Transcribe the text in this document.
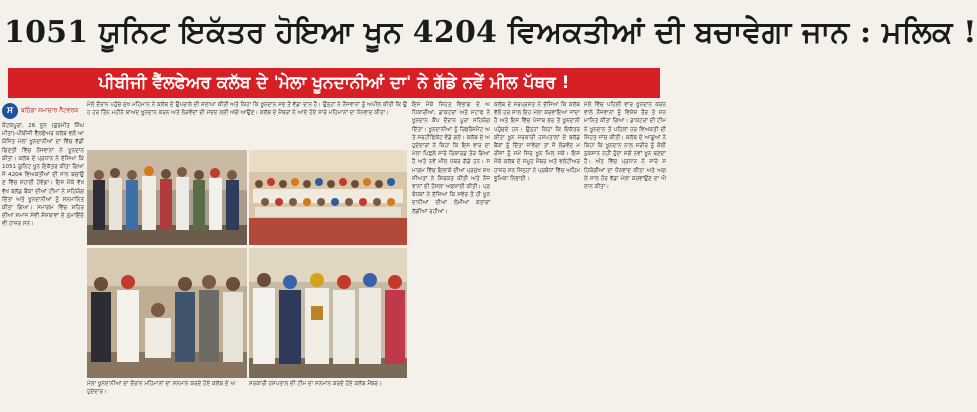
1051 ਯੂਨਿਟ ਇਕੱਤਰ ਹੋਇਆ ਖੂਨ 4204 ਵਿਅਕਤੀਆਂ ਦੀ ਬਚਾਵੇਗਾ ਜਾਨ : ਮਲਿਕ !
ਪੀਬੀਜੀ ਵੈੱਲਫੇਅਰ ਕਲੱਬ ਦੇ 'ਮੇਲਾ ਖੂਨਦਾਨੀਆਂ ਦਾ' ਨੇ ਗੱਡੇ ਨਵੇਂ ਮੀਲ ਪੱਥਰ !
ਸ	ਬਠਿੰਡਾ ਸਮਾਚਾਰ ਨੈੱਟਵਰਕ
ਕੋਟਕਪੂਰਾ, 26 ਜੂਨ (ਗੁਰਮੀਤ ਸਿੰਘ ਮੀਤਾ)-ਪੀਬੀਜੀ ਵੈੱਲਫੇਅਰ ਕਲੱਬ ਵਲੋਂ ਆਯੋਜਿਤ ਮੇਲਾ ਖੂਨਦਾਨੀਆਂ ਦਾ ਵਿੱਚ ਵੱਡੀ ਗਿਣਤੀ ਵਿੱਚ ਨੌਜਵਾਨਾਂ ਨੇ ਖੂਨਦਾਨ ਕੀਤਾ। ਕਲੱਬ ਦੇ ਪ੍ਰਧਾਨ ਨੇ ਦੱਸਿਆ ਕਿ 1051 ਯੂਨਿਟ ਖੂਨ ਇਕੱਤਰ ਕੀਤਾ ਗਿਆ ਜੋ 4204 ਵਿਅਕਤੀਆਂ ਦੀ ਜਾਨ ਬਚਾਉਣ ਵਿੱਚ ਸਹਾਈ ਹੋਵੇਗਾ। ਇਸ ਮੌਕੇ ਵੱਖ ਵੱਖ ਬਲੱਡ ਬੈਂਕਾਂ ਦੀਆਂ ਟੀਮਾਂ ਨੇ ਸਹਿਯੋਗ ਦਿੱਤਾ ਅਤੇ ਖੂਨਦਾਨੀਆਂ ਨੂੰ ਸਨਮਾਨਿਤ ਕੀਤਾ ਗਿਆ। ਸਮਾਗਮ ਵਿੱਚ ਸ਼ਹਿਰ ਦੀਆਂ ਸਮਾਜ ਸੇਵੀ ਸੰਸਥਾਵਾਂ ਦੇ ਨੁਮਾਇੰਦੇ ਵੀ ਹਾਜ਼ਰ ਸਨ।
ਮੇਲੇ ਦੌਰਾਨ ਪਹੁੰਚੇ ਮੁੱਖ ਮਹਿਮਾਨ ਨੇ ਕਲੱਬ ਦੇ ਉਪਰਾਲੇ ਦੀ ਸ਼ਲਾਘਾ ਕੀਤੀ ਅਤੇ ਕਿਹਾ ਕਿ ਖੂਨਦਾਨ ਸਭ ਤੋਂ ਵੱਡਾ ਦਾਨ ਹੈ। ਉਨ੍ਹਾਂ ਨੇ ਨੌਜਵਾਨਾਂ ਨੂੰ ਅਪੀਲ ਕੀਤੀ ਕਿ ਉਹ ਹਰ ਤਿੰਨ ਮਹੀਨੇ ਬਾਅਦ ਖੂਨਦਾਨ ਕਰਨ ਅਤੇ ਲੋੜਵੰਦਾਂ ਦੀ ਮੱਦਦ ਲਈ ਅੱਗੇ ਆਉਣ। ਕਲੱਬ ਦੇ ਮੈਂਬਰਾਂ ਨੇ ਆਏ ਹੋਏ ਸਾਰੇ ਮਹਿਮਾਨਾਂ ਦਾ ਧੰਨਵਾਦ ਕੀਤਾ।
ਇਸ ਮੌਕੇ ਸਿਹਤ ਵਿਭਾਗ ਦੇ ਅਧਿਕਾਰੀਆਂ, ਡਾਕਟਰਾਂ ਅਤੇ ਸਟਾਫ ਨੇ ਖੂਨਦਾਨ ਕੈਂਪ ਦੌਰਾਨ ਪੂਰਾ ਸਹਿਯੋਗ ਦਿੱਤਾ। ਖੂਨਦਾਨੀਆਂ ਨੂੰ ਰਿਫਰੈਸ਼ਮੈਂਟ ਅਤੇ ਸਰਟੀਫਿਕੇਟ ਵੰਡੇ ਗਏ। ਕਲੱਬ ਦੇ ਅਹੁਦੇਦਾਰਾਂ ਨੇ ਕਿਹਾ ਕਿ ਇਸ ਵਾਰ ਦਾ ਮੇਲਾ ਪਿਛਲੇ ਸਾਰੇ ਰਿਕਾਰਡ ਤੋੜ ਗਿਆ ਹੈ ਅਤੇ ਨਵੇਂ ਮੀਲ ਪੱਥਰ ਗੱਡੇ ਹਨ। ਸਮਾਗਮ ਵਿੱਚ ਇਲਾਕੇ ਦੀਆਂ ਪ੍ਰਮੁੱਖ ਸ਼ਖਸੀਅਤਾਂ ਨੇ ਸ਼ਿਰਕਤ ਕੀਤੀ ਅਤੇ ਨੌਜਵਾਨਾਂ ਦੀ ਹੌਸਲਾ ਅਫਜ਼ਾਈ ਕੀਤੀ। ਪ੍ਰਬੰਧਕਾਂ ਨੇ ਦੱਸਿਆ ਕਿ ਸਵੇਰ ਤੋਂ ਹੀ ਖੂਨਦਾਨੀਆਂ ਦੀਆਂ ਲੰਮੀਆਂ ਕਤਾਰਾਂ ਲੱਗੀਆਂ ਰਹੀਆਂ।
ਕਲੱਬ ਦੇ ਸਰਪ੍ਰਸਤ ਨੇ ਦੱਸਿਆ ਕਿ ਕਲੱਬ ਵੱਲੋਂ ਹਰ ਸਾਲ ਇਹ ਮੇਲਾ ਕਰਵਾਇਆ ਜਾਂਦਾ ਹੈ ਅਤੇ ਇਸ ਵਿੱਚ ਪੰਜਾਬ ਭਰ ਤੋਂ ਖੂਨਦਾਨੀ ਪਹੁੰਚਦੇ ਹਨ। ਉਨ੍ਹਾਂ ਕਿਹਾ ਕਿ ਇਕੱਤਰ ਕੀਤਾ ਖੂਨ ਸਰਕਾਰੀ ਹਸਪਤਾਲਾਂ ਦੇ ਬਲੱਡ ਬੈਂਕਾਂ ਨੂੰ ਦਿੱਤਾ ਜਾਵੇਗਾ ਤਾਂ ਜੋ ਲੋੜਵੰਦ ਮਰੀਜ਼ਾਂ ਨੂੰ ਸਮੇਂ ਸਿਰ ਖੂਨ ਮਿਲ ਸਕੇ। ਇਸ ਮੌਕੇ ਕਲੱਬ ਦੇ ਸਮੂਹ ਮੈਂਬਰ ਅਤੇ ਵਲੰਟੀਅਰ ਹਾਜ਼ਰ ਸਨ ਜਿਨ੍ਹਾਂ ਨੇ ਪ੍ਰਬੰਧਾਂ ਵਿੱਚ ਅਹਿਮ ਭੂਮਿਕਾ ਨਿਭਾਈ।
ਮੇਲੇ ਵਿੱਚ ਪਹਿਲੀ ਵਾਰ ਖੂਨਦਾਨ ਕਰਨ ਵਾਲੇ ਨੌਜਵਾਨਾਂ ਨੂੰ ਵਿਸ਼ੇਸ਼ ਤੌਰ ਤੇ ਸਨਮਾਨਿਤ ਕੀਤਾ ਗਿਆ। ਡਾਕਟਰਾਂ ਦੀ ਟੀਮ ਨੇ ਖੂਨਦਾਨ ਤੋਂ ਪਹਿਲਾਂ ਹਰ ਵਿਅਕਤੀ ਦੀ ਸਿਹਤ ਜਾਂਚ ਕੀਤੀ। ਕਲੱਬ ਦੇ ਆਗੂਆਂ ਨੇ ਕਿਹਾ ਕਿ ਖੂਨਦਾਨ ਨਾਲ ਸਰੀਰ ਨੂੰ ਕੋਈ ਨੁਕਸਾਨ ਨਹੀਂ ਹੁੰਦਾ ਸਗੋਂ ਨਵਾਂ ਖੂਨ ਬਣਦਾ ਹੈ। ਅੰਤ ਵਿੱਚ ਪ੍ਰਧਾਨ ਨੇ ਸਾਰੇ ਸਹਿਯੋਗੀਆਂ ਦਾ ਧੰਨਵਾਦ ਕੀਤਾ ਅਤੇ ਅਗਲੇ ਸਾਲ ਹੋਰ ਵੱਡਾ ਮੇਲਾ ਕਰਵਾਉਣ ਦਾ ਐਲਾਨ ਕੀਤਾ।
ਮੇਲਾ ਖੂਨਦਾਨੀਆਂ ਦਾ ਦੌਰਾਨ ਮਹਿਮਾਨਾਂ ਦਾ ਸਨਮਾਨ ਕਰਦੇ ਹੋਏ ਕਲੱਬ ਦੇ ਅਹੁਦੇਦਾਰ।
ਸਰਕਾਰੀ ਹਸਪਤਾਲ ਦੀ ਟੀਮ ਦਾ ਸਨਮਾਨ ਕਰਦੇ ਹੋਏ ਕਲੱਬ ਮੈਂਬਰ।
